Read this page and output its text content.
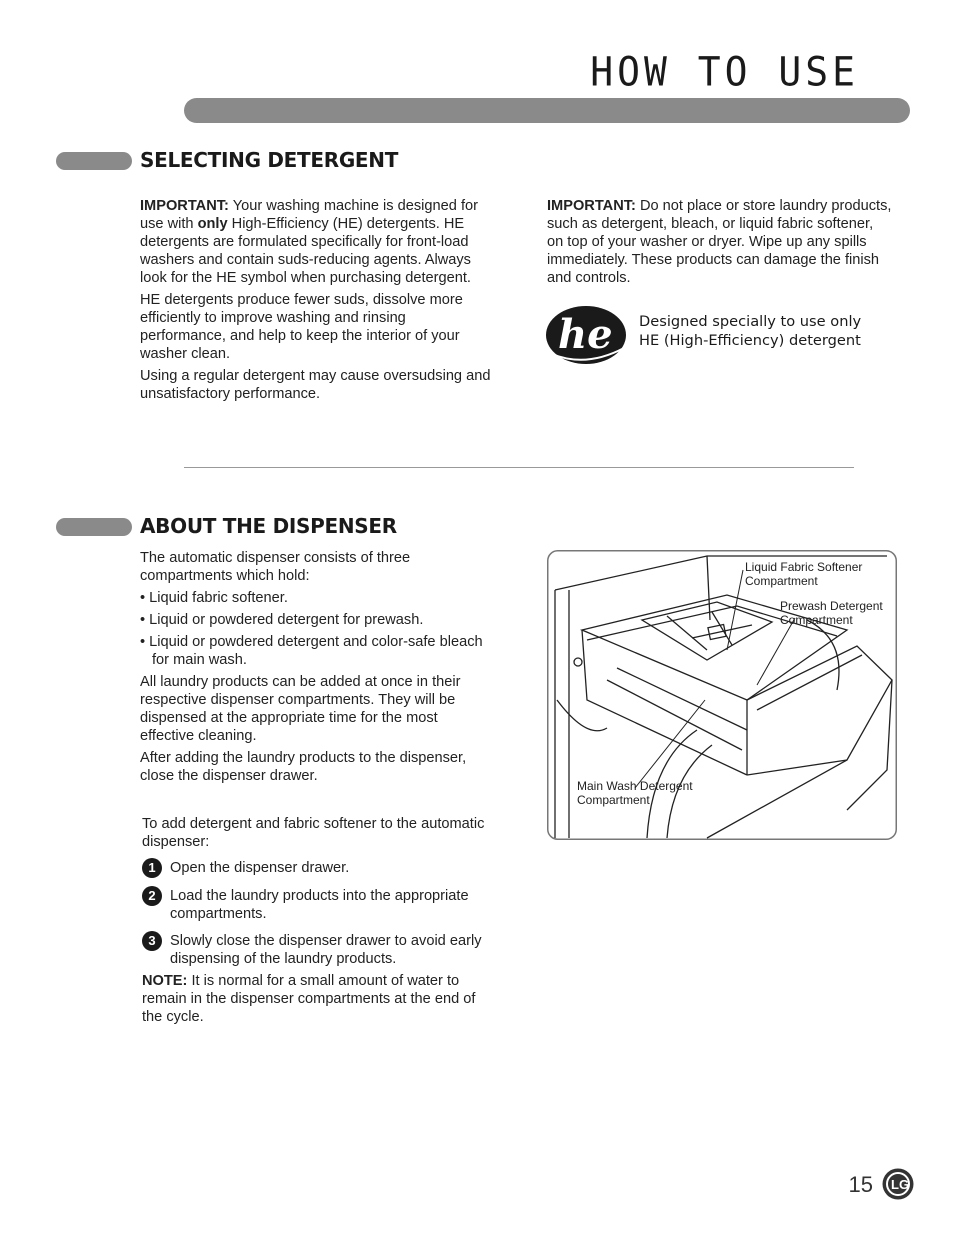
HOW TO USE
SELECTING DETERGENT

IMPORTANT: Your washing machine is designed for use with only High-Efficiency (HE) detergents. HE detergents are formulated specifically for front-load washers and contain suds-reducing agents. Always look for the HE symbol when purchasing detergent.

HE detergents produce fewer suds, dissolve more efficiently to improve washing and rinsing performance, and help to keep the interior of your washer clean.

Using a regular detergent may cause oversudsing and unsatisfactory performance.

IMPORTANT: Do not place or store laundry products, such as detergent, bleach, or liquid fabric softener, on top of your washer or dryer. Wipe up any spills immediately. These products can damage the finish and controls.

he Designed specially to use only
HE (High-Efficiency) detergent
ABOUT THE DISPENSER

The automatic dispenser consists of three compartments which hold:

• Liquid fabric softener.

• Liquid or powdered detergent for prewash.

• Liquid or powdered detergent and color-safe bleach for main wash.

All laundry products can be added at once in their respective dispenser compartments. They will be dispensed at the appropriate time for the most effective cleaning.

After adding the laundry products to the dispenser, close the dispenser drawer.

To add detergent and fabric softener to the automatic dispenser:

1 Open the dispenser drawer.
2 Load the laundry products into the appropriate compartments.
3 Slowly close the dispenser drawer to avoid early dispensing of the laundry products.

NOTE: It is normal for a small amount of water to remain in the dispenser compartments at the end of the cycle.

Liquid Fabric Softener
Compartment
Prewash Detergent
Compartment
Main Wash Detergent
Compartment
15 LG
